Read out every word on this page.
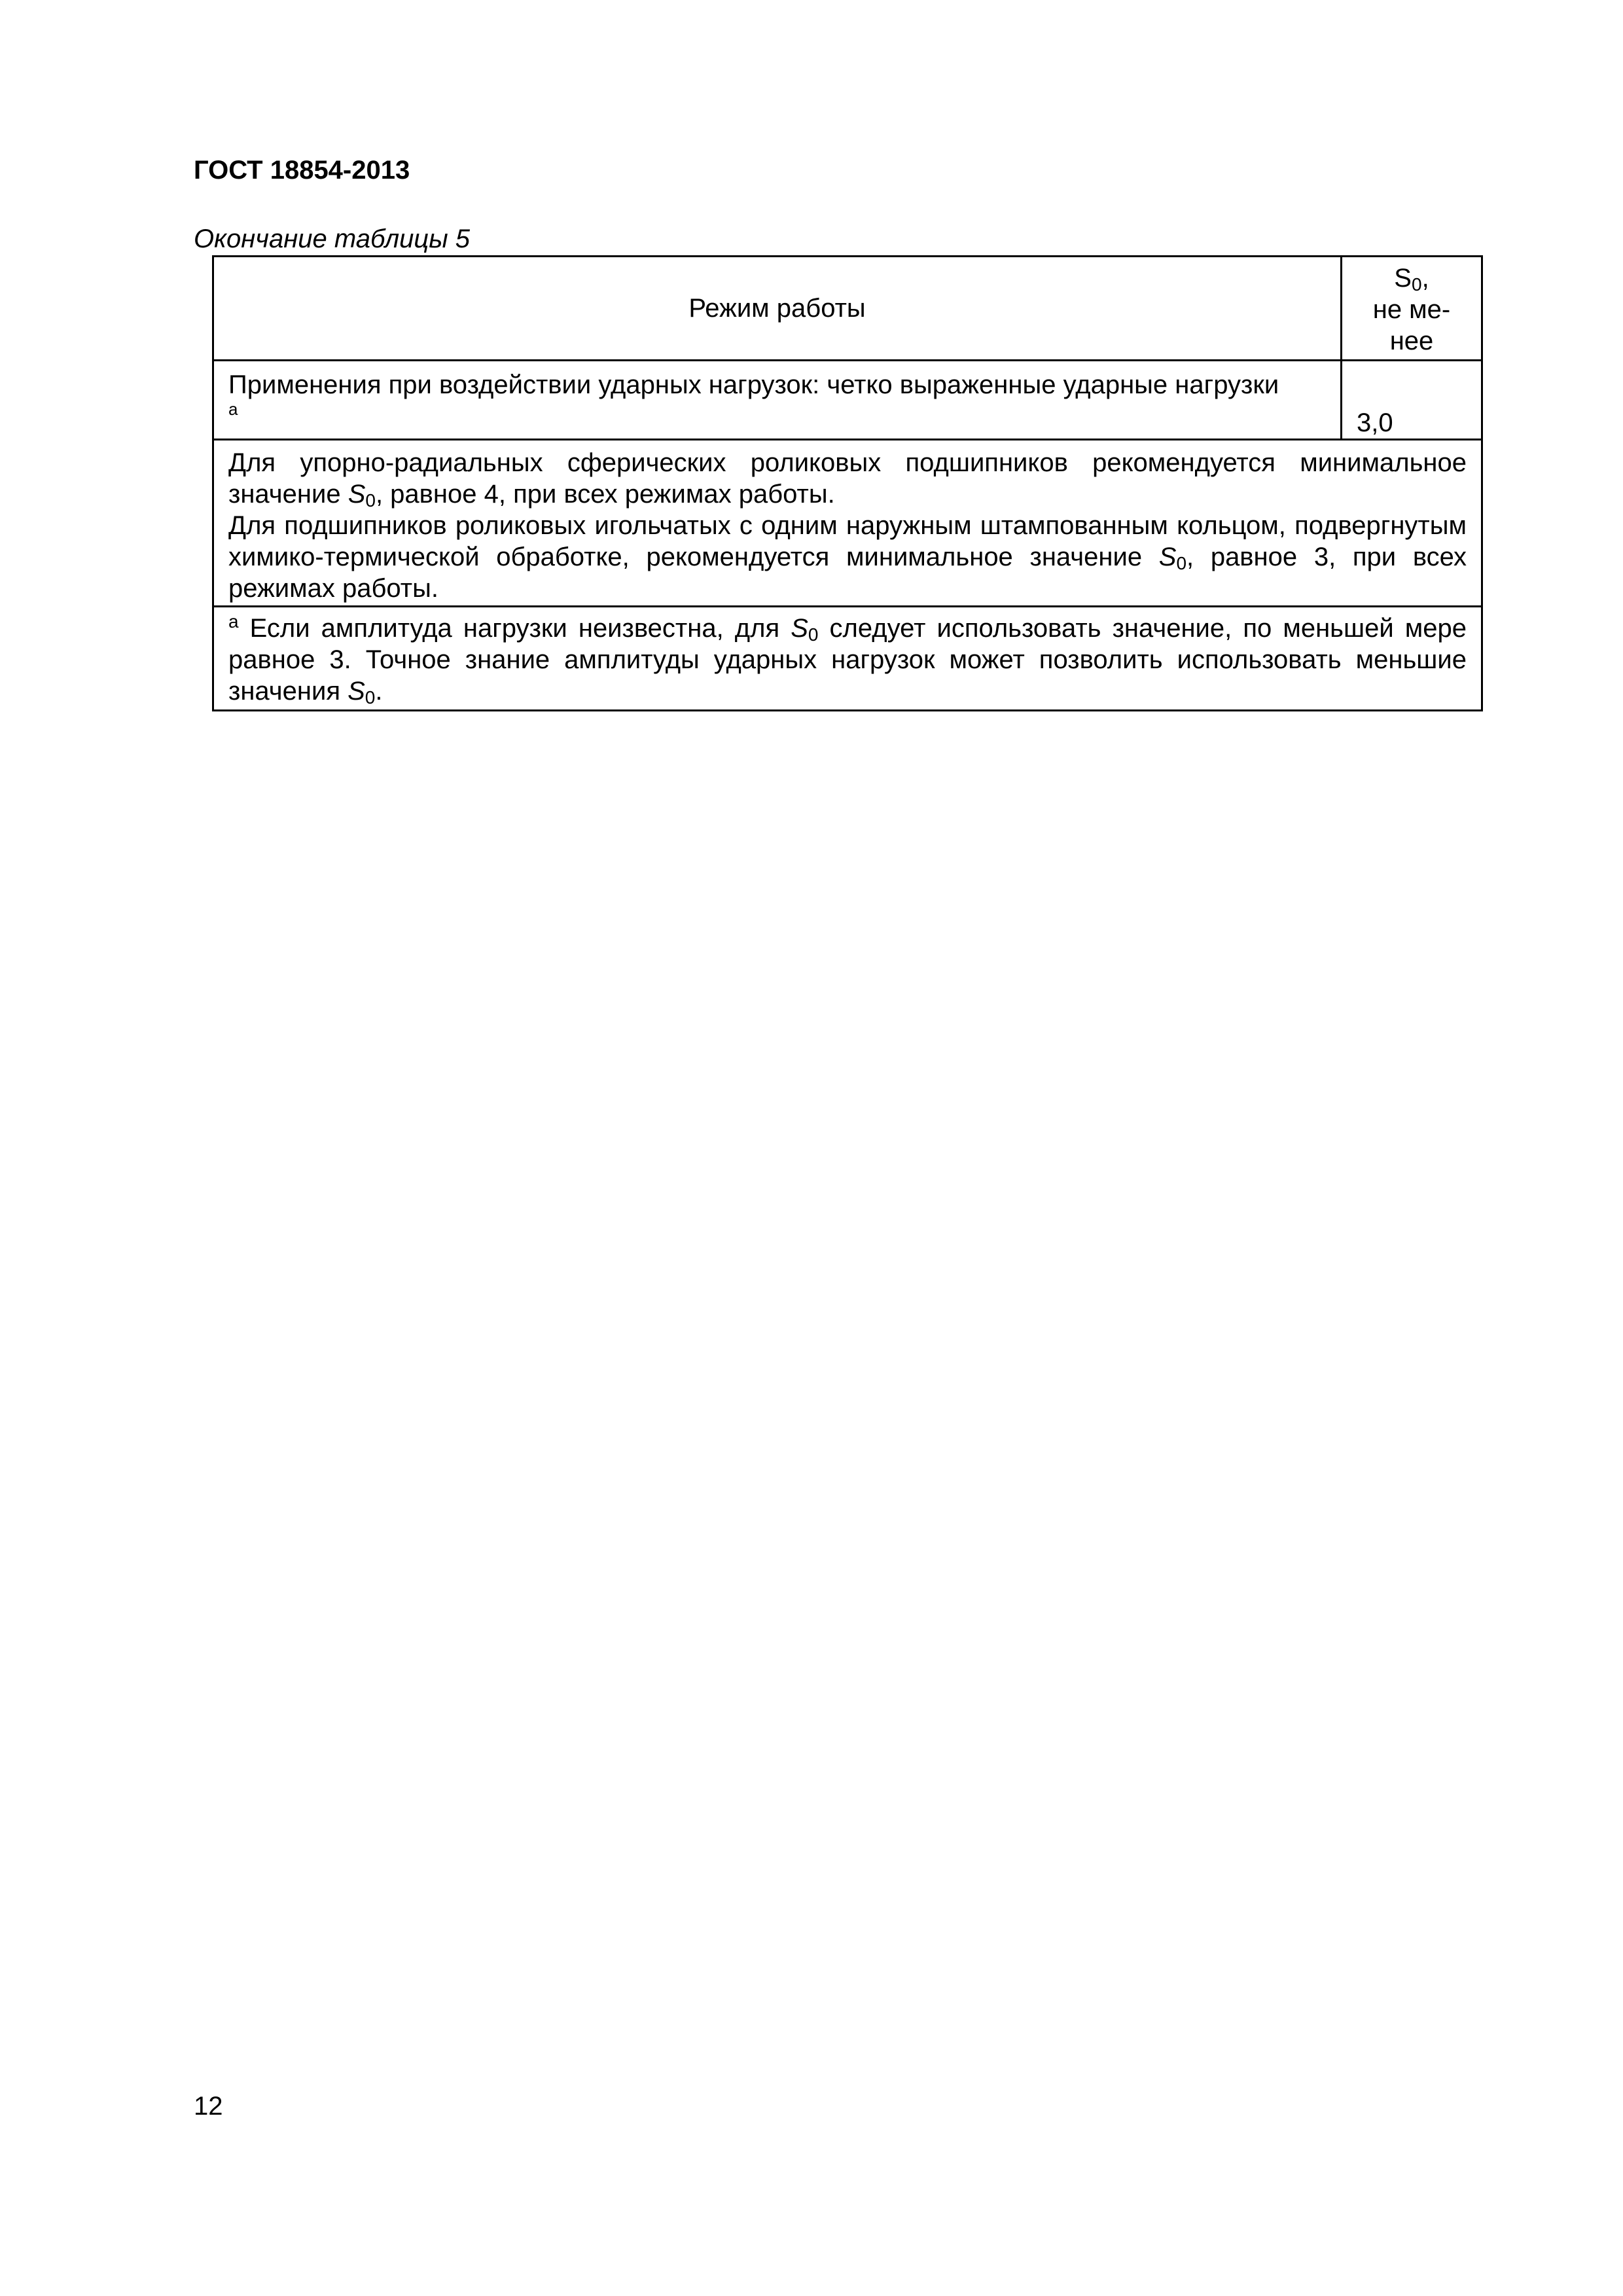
ГОСТ 18854-2013

Окончание таблицы 5

Режим работы	$S_0$,
не ме-
нее
Применения при воздействии ударных нагрузок: четко выраженные ударные нагрузки
а	3,0

Для упорно-радиальных сферических роликовых подшипников рекомендуется минимальное значение $S_0$, равное 4, при всех режимах работы.

Для подшипников роликовых игольчатых с одним наружным штампованным кольцом, подвергнутым химико-термической обработке, рекомендуется минимальное значение $S_0$, равное 3, при всех режимах работы.	

$^а$ Если амплитуда нагрузки неизвестна, для $S_0$ следует использовать значение, по меньшей мере равное 3. Точное знание амплитуды ударных нагрузок может позволить использовать меньшие значения $S_0$.	

12
